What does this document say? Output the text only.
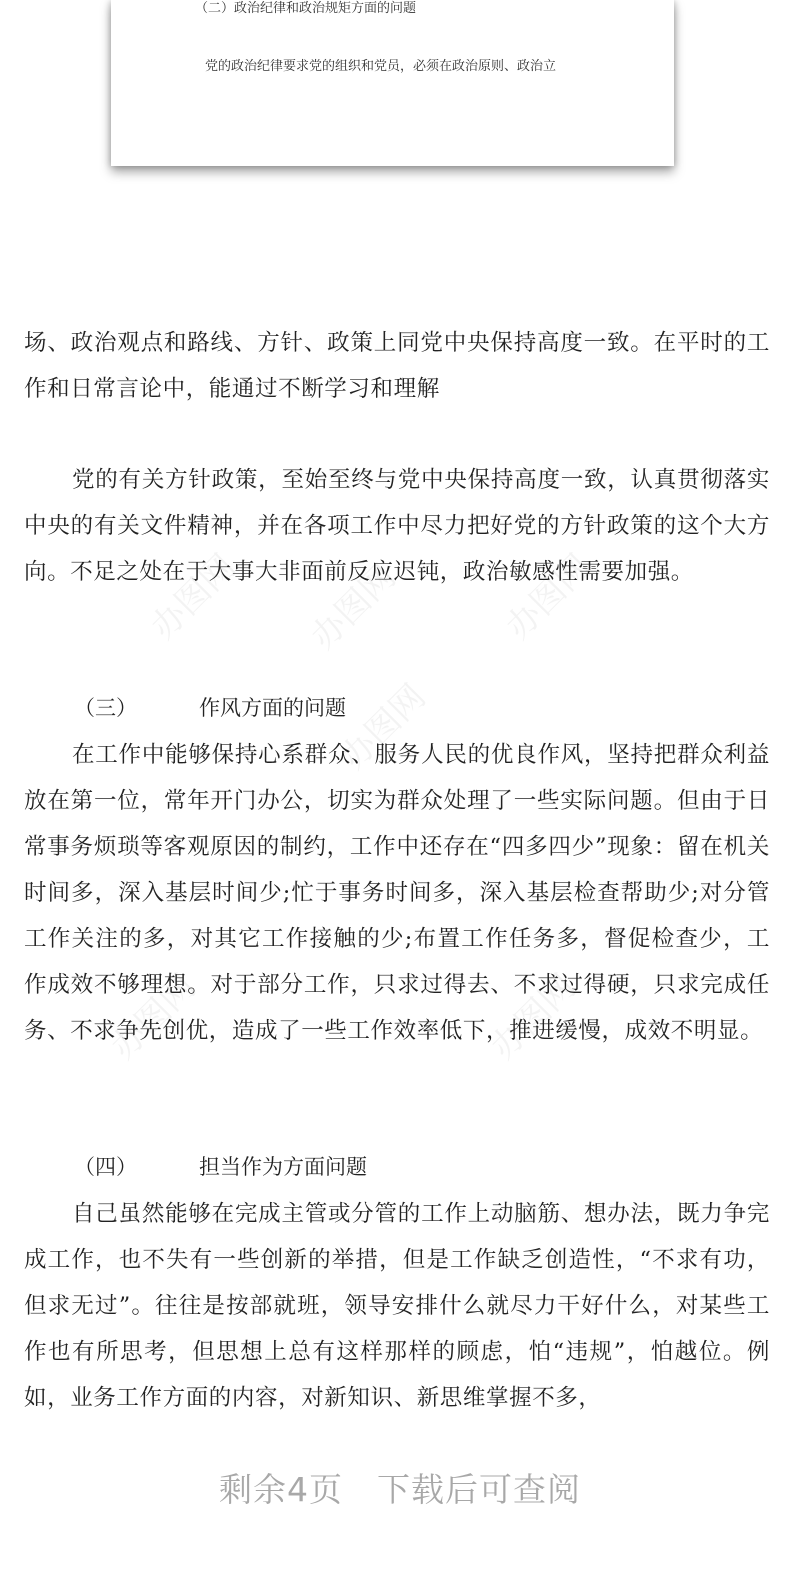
（二）政治纪律和政治规矩方面的问题
党的政治纪律要求党的组织和党员，必须在政治原则、政治立
办图网 办图网	办图网
办图网
办图网	办图网

场、政治观点和路线、方针、政策上同党中央保持高度一致。在平时的工作和日常言论中，能通过不断学习和理解

党的有关方针政策，至始至终与党中央保持高度一致，认真贯彻落实中央的有关文件精神，并在各项工作中尽力把好党的方针政策的这个大方向。不足之处在于大事大非面前反应迟钝，政治敏感性需要加强。

（三）	作风方面的问题

在工作中能够保持心系群众、服务人民的优良作风，坚持把群众利益放在第一位，常年开门办公，切实为群众处理了一些实际问题。但由于日常事务烦琐等客观原因的制约，工作中还存在“四多四少”现象：留在机关时间多，深入基层时间少;忙于事务时间多，深入基层检查帮助少;对分管工作关注的多，对其它工作接触的少;布置工作任务多，督促检查少，工作成效不够理想。对于部分工作，只求过得去、不求过得硬，只求完成任务、不求争先创优，造成了一些工作效率低下，推进缓慢，成效不明显。

（四）	担当作为方面问题

自己虽然能够在完成主管或分管的工作上动脑筋、想办法，既力争完成工作，也不失有一些创新的举措，但是工作缺乏创造性，“不求有功，但求无过”。往往是按部就班，领导安排什么就尽力干好什么，对某些工作也有所思考，但思想上总有这样那样的顾虑，怕“违规”，怕越位。例如，业务工作方面的内容，对新知识、新思维掌握不多，

剩余4页　下载后可查阅
